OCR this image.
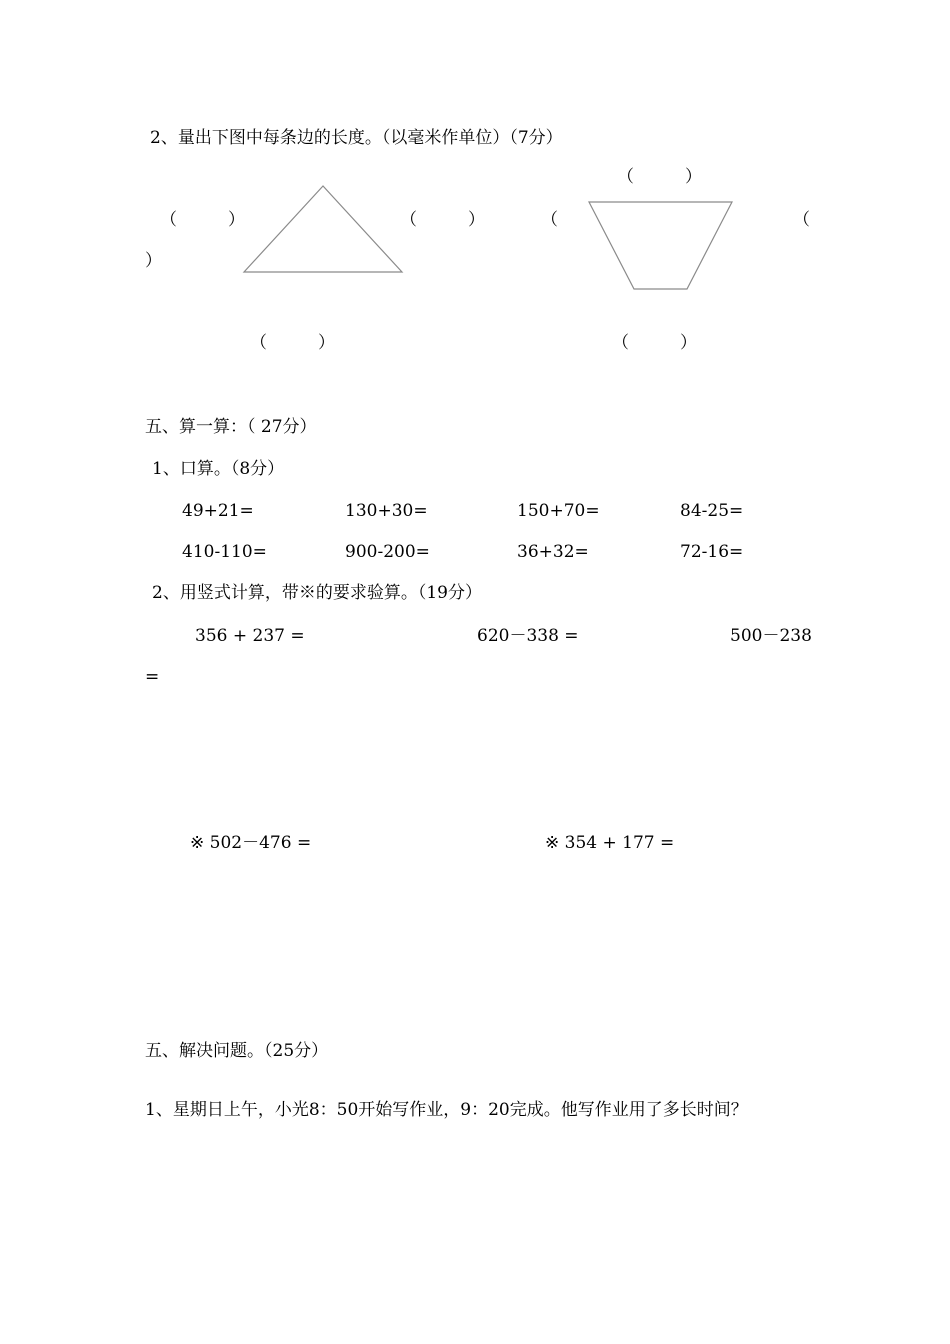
2、量出下图中每条边的长度。（以毫米作单位）（7分）
（　　　）	（　　　）
（　　　）
（　　　）
（	（
）
（　　　）
五、算一算：（ 27分）
1、口算。（8分）
49+21=	130+30=	150+70=	84-25=
410-110=	900-200=	36+32=	72-16=
2、用竖式计算，带※的要求验算。（19分）
356 + 237 =	620－338 =	500－238
=
※ 502－476 =	※ 354 + 177 =
五、解决问题。（25分）
1、星期日上午，小光8：50开始写作业，9：20完成。他写作业用了多长时间？
